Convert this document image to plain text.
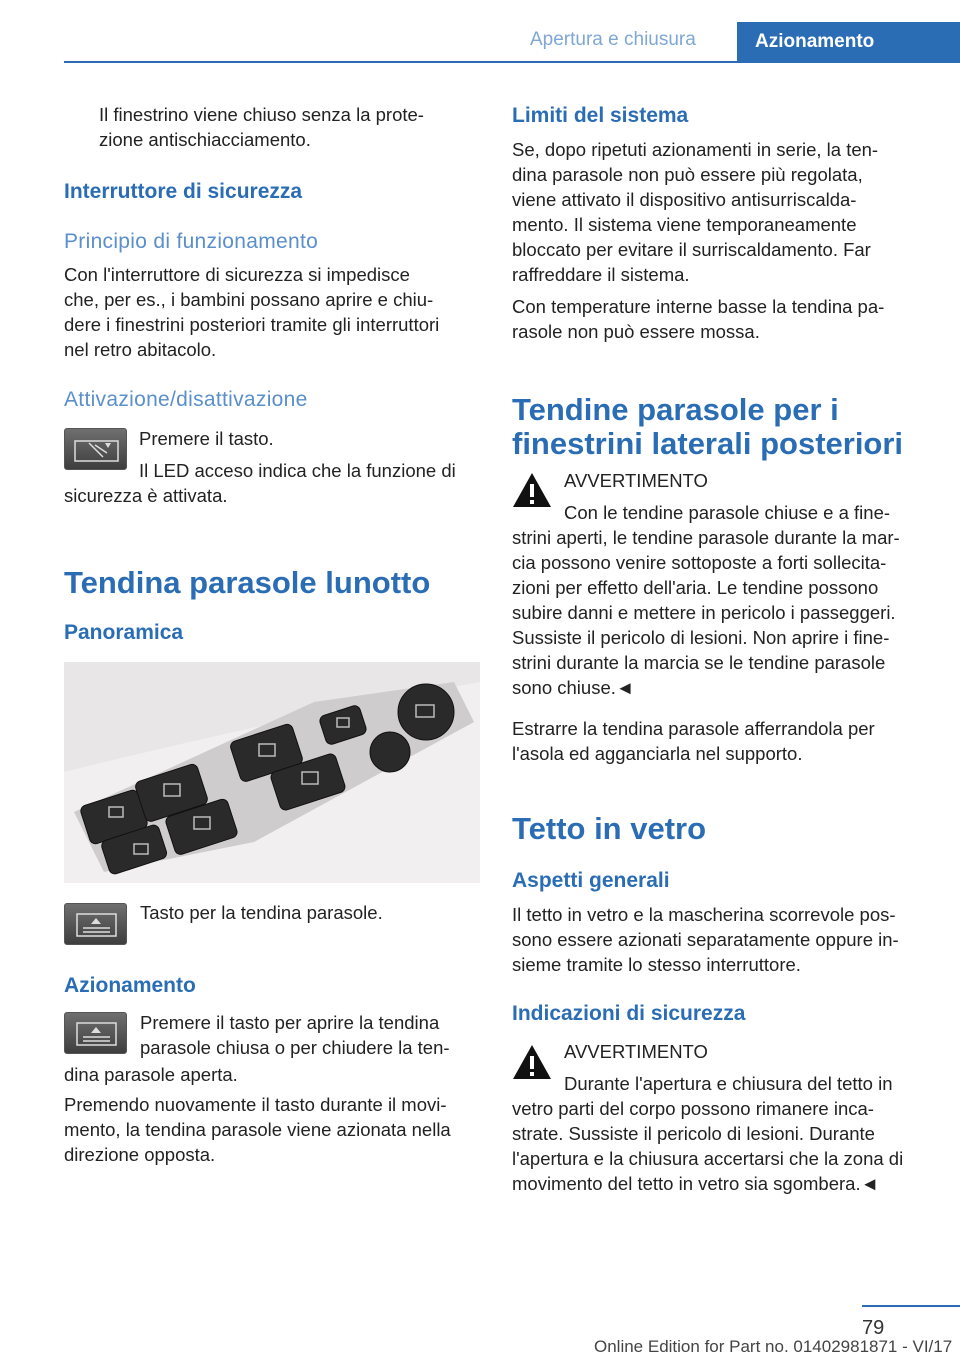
Apertura e chiusura	Azionamento

Il finestrino viene chiuso senza la prote-
zione antischiacciamento.

Interruttore di sicurezza

Principio di funzionamento

Con l'interruttore di sicurezza si impedisce
che, per es., i bambini possano aprire e chiu-
dere i finestrini posteriori tramite gli interruttori
nel retro abitacolo.

Attivazione/disattivazione

Premere il tasto.

Il LED acceso indica che la funzione di

sicurezza è attivata.

Tendina parasole lunotto

Panoramica

Tasto per la tendina parasole.

Azionamento

Premere il tasto per aprire la tendina
parasole chiusa o per chiudere la ten-

dina parasole aperta.

Premendo nuovamente il tasto durante il movi-
mento, la tendina parasole viene azionata nella
direzione opposta.

Limiti del sistema

Se, dopo ripetuti azionamenti in serie, la ten-
dina parasole non può essere più regolata,
viene attivato il dispositivo antisurriscalda-
mento. Il sistema viene temporaneamente
bloccato per evitare il surriscaldamento. Far
raffreddare il sistema.

Con temperature interne basse la tendina pa-
rasole non può essere mossa.

Tendine parasole per i
finestrini laterali posteriori

AVVERTIMENTO

Con le tendine parasole chiuse e a fine-

strini aperti, le tendine parasole durante la mar-
cia possono venire sottoposte a forti sollecita-
zioni per effetto dell'aria. Le tendine possono
subire danni e mettere in pericolo i passeggeri.
Sussiste il pericolo di lesioni. Non aprire i fine-
strini durante la marcia se le tendine parasole
sono chiuse.◄

Estrarre la tendina parasole afferrandola per
l'asola ed agganciarla nel supporto.

Tetto in vetro

Aspetti generali

Il tetto in vetro e la mascherina scorrevole pos-
sono essere azionati separatamente oppure in-
sieme tramite lo stesso interruttore.

Indicazioni di sicurezza

AVVERTIMENTO

Durante l'apertura e chiusura del tetto in

vetro parti del corpo possono rimanere inca-
strate. Sussiste il pericolo di lesioni. Durante
l'apertura e la chiusura accertarsi che la zona di
movimento del tetto in vetro sia sgombera.◄

79
Online Edition for Part no. 01402981871 - VI/17
